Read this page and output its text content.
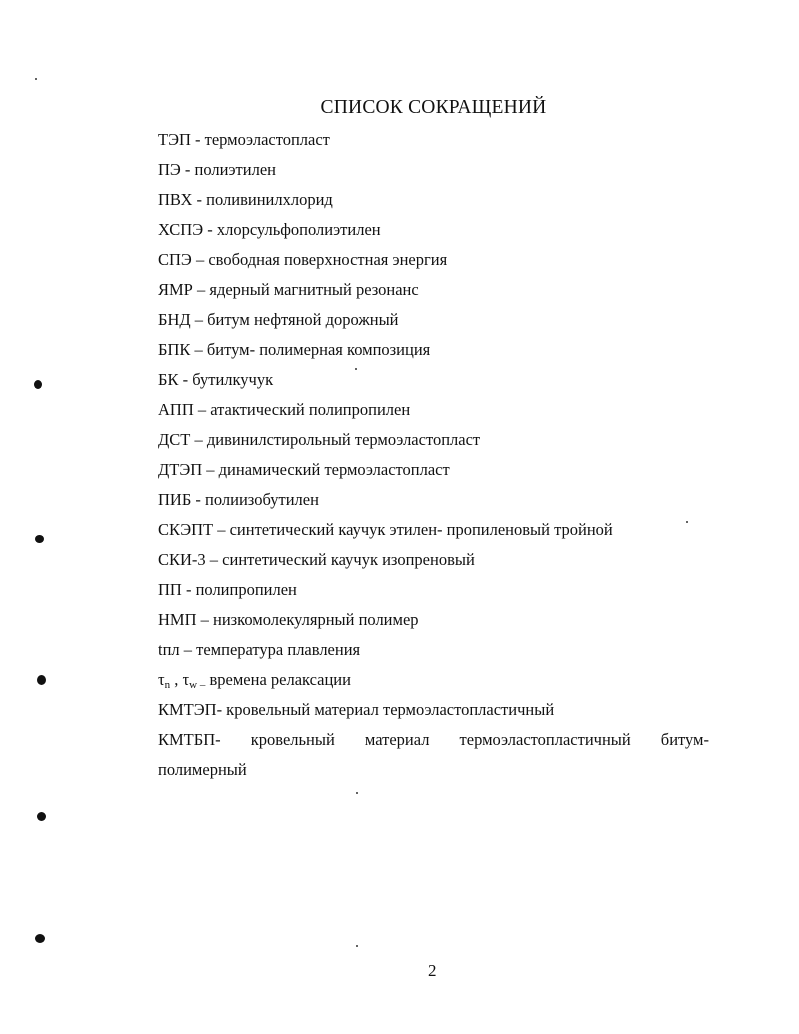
СПИСОК СОКРАЩЕНИЙ
ТЭП - термоэластопласт
ПЭ - полиэтилен
ПВХ - поливинилхлорид
ХСПЭ - хлорсульфополиэтилен
СПЭ – свободная поверхностная энергия
ЯМР – ядерный магнитный резонанс
БНД – битум нефтяной дорожный
БПК – битум- полимерная композиция
БК - бутилкучук
АПП – атактический полипропилен
ДСТ – дивинилстирольный термоэластопласт
ДТЭП – динамический термоэластопласт
ПИБ - полиизобутилен
СКЭПТ – синтетический каучук этилен- пропиленовый тройной
СКИ-3 – синтетический каучук изопреновый
ПП - полипропилен
НМП – низкомолекулярный полимер
tпл – температура плавления
$\tau_n$ , $\tau_{w -}$ времена релаксации
КМТЭП- кровельный материал термоэластопластичный
КМТБП- кровельный материал термоэластопластичный битум-
полимерный
2
